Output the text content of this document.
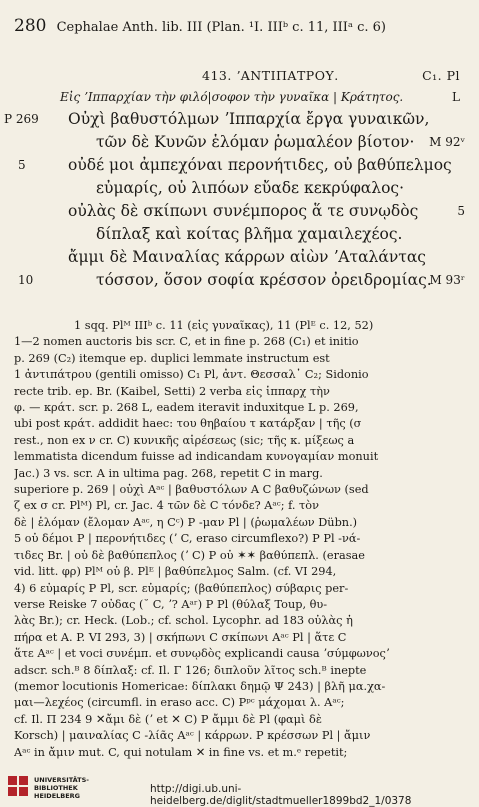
280 Cephalae Anth. lib. III (Plan. ¹I. IIIᵇ c. 11, IIIᵃ c. 6)
413. ʼΑΝΤΙΠΑΤΡΟΥ.	C₁. Pl
Εἰς ʼΙππαρχίαν τὴν φιλό|σοφον τὴν γυναῖκα | Κράτητος.	L
P 269 Οὐχὶ βαθυστόλμων ʼΙππαρχία ἔργα γυναικῶν,
τῶν δὲ Κυνῶν ἑλόμαν ῥωμαλέον βίοτον· M 92ᵛ
5	οὐδέ μοι ἀμπεχόναι περονήτιδες, οὐ βαθύπελμος
εὐμαρίς, οὐ λιπόων εὔαδε κεκρύφαλος·
οὐλὰς δὲ σκίπωνι συνέμπορος ἅ τε συνῳδὸς	5
δίπλαξ καὶ κοίτας βλῆμα χαμαιλεχέος.
ἄμμι δὲ Μαιναλίας κάρρων αἰὼν ʼΑταλάντας
10	τόσσον, ὅσον σοφία κρέσσον ὀρειδρομίας.
M 93ʳ

1 sqq. Plᴹ IIIᵇ c. 11 (εἰς γυναῖκας), 11 (Plᴱ c. 12, 52)

1—2 nomen auctoris bis scr. C, et in fine p. 268 (C₁) et initio

p. 269 (C₂) itemque ep. duplici lemmate instructum est

1 ἀντιπάτρου (gentili omisso) C₁ Pl, ἀντ. Θεσσαλ᾽ C₂; Sidonio

recte trib. ep. Br. (Kaibel, Setti) 2 verba εἰς ἱππαρχ τὴν

φ. — κράτ. scr. p. 268 L, eadem iteravit induxitque L p. 269,

ubi post κράτ. addidit haec: του θηβαίου τ κατάρξαν | τῆς (σ

rest., non ex ν cr. C) κυνικῆς αἱρέσεως (sic; τῆς κ. μίξεως a

lemmatista dicendum fuisse ad indicandam κυνογαμίαν monuit

Jac.) 3 vs. scr. A in ultima pag. 268, repetit C in marg.

superiore p. 269 | οὐχὶ Aᵃᶜ | βαθυστόλων A C βαθυζώνων (sed

ζ ex σ cr. Plᴹ) Pl, cr. Jac. 4 τῶν δὲ C τόνδε? Aᵃᶜ; f. τὸν

δὲ | ἑλόμαν (ἔλομαν Aᵃᶜ, η Cᶜ) P -μαν Pl | (ῥωμαλέων Dübn.)

5 οὐ δέμοι P | περονήτιδες (ʼ C, eraso circumflexo?) P Pl -νά-

τιδες Br. | οὐ δὲ βαθύπεπλος (ʼ C) P οὐ ✶✶ βαθύπεπλ. (erasae

vid. litt. φρ) Plᴹ οὐ β. Plᴱ | βαθύπελμος Salm. (cf. VI 294,

4) 6 εὐμαρίς P Pl, scr. εὐμαρίς; (βαθύπεπλος) σύβαρις per-

verse Reiske 7 οὐδας (˘ C, ʼ? Aᵃʳ) P Pl (θύλαξ Toup, θυ-

λὰς Br.); cr. Heck. (Lob.; cf. schol. Lycophr. ad 183 οὐλὰς ἡ

πήρα et A. P. VI 293, 3) | σκήπωνι C σκίπωνι Aᵃᶜ Pl | ἅτε C

ἅτε Aᵃᶜ | et voci συνέμπ. et συνῳδὸς explicandi causa ʼσύμφωνοςʼ

adscr. sch.ᴮ 8 δίπλαξ: cf. Il. Γ 126; διπλοῦν λῖτος sch.ᴮ inepte

(memor locutionis Homericae: δίπλακι δημῷ Ψ 243) | βλῆ μα.χα-

μαι—λεχέος (circumfl. in eraso acc. C) Pᵖᶜ μάχομαι λ. Aᵃᶜ;

cf. Il. Π 234 9 ✕ἄμι δὲ (ʼ et ✕ C) P ἄμμι δὲ Pl (φαμὶ δὲ

Korsch) | μαιναλίας C -λίᾶς Aᵃᶜ | κάρρων. P κρέσσων Pl | ἄμιν

Aᵃᶜ in ἄμιν mut. C, qui notulam ✕ in fine vs. et m.ᵉ repetit;

UNIVERSITÄTS-
BIBLIOTHEK
HEIDELBERG
http://digi.ub.uni-heidelberg.de/diglit/stadtmueller1899bd2_1/0378
